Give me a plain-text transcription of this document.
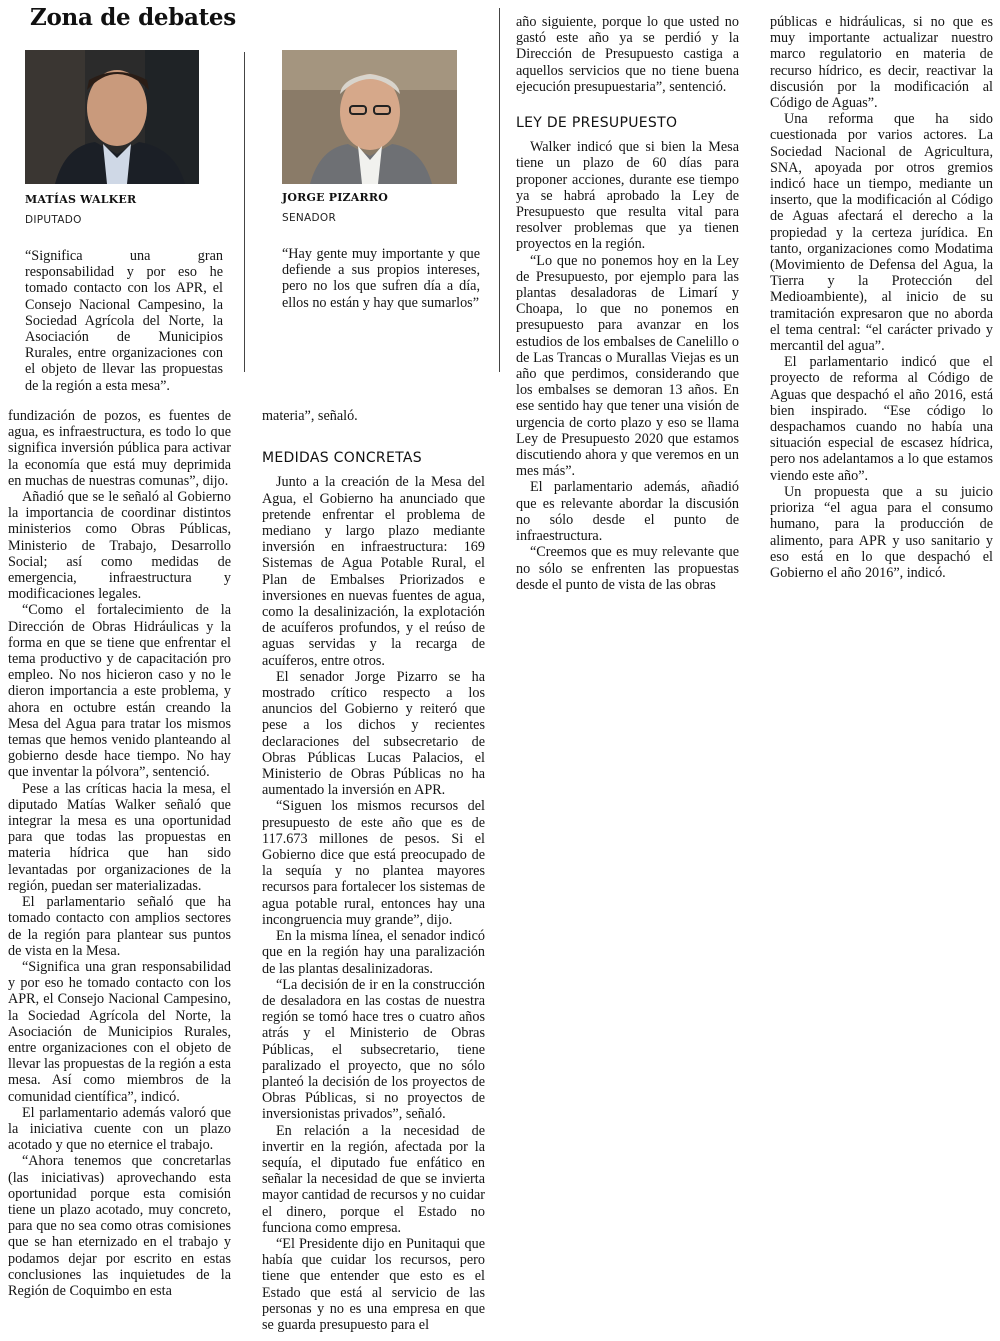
Zona de debates
MATÍAS WALKER
DIPUTADO
“Significa una gran responsabilidad y por eso he tomado contacto con los APR, el Consejo Nacional Campesino, la Sociedad Agrícola del Norte, la Asociación de Municipios Rurales, entre organizaciones con el objeto de llevar las propuestas de la región a esta mesa”.
JORGE PIZARRO
SENADOR
“Hay gente muy importante y que defiende a sus propios intereses, pero no los que sufren día a día, ellos no están y hay que sumarlos”

fundización de pozos, es fuentes de agua, es infraestructura, es todo lo que significa inversión pública para activar la economía que está muy deprimida en muchas de nuestras comunas”, dijo.

Añadió que se le señaló al Gobierno la importancia de coordinar distintos ministerios como Obras Públicas, Ministerio de Trabajo, Desarrollo Social; así como medidas de emergencia, infraestructura y modificaciones legales.

“Como el fortalecimiento de la Dirección de Obras Hidráulicas y la forma en que se tiene que enfrentar el tema productivo y de capacitación pro empleo. No nos hicieron caso y no le dieron importancia a este problema, y ahora en octubre están creando la Mesa del Agua para tratar los mismos temas que hemos venido planteando al gobierno desde hace tiempo. No hay que inventar la pólvora”, sentenció.

Pese a las críticas hacia la mesa, el diputado Matías Walker señaló que integrar la mesa es una oportunidad para que todas las propuestas en materia hídrica que han sido levantadas por organizaciones de la región, puedan ser materializadas.

El parlamentario señaló que ha tomado contacto con amplios sectores de la región para plantear sus puntos de vista en la Mesa.

“Significa una gran responsabilidad y por eso he tomado contacto con los APR, el Consejo Nacional Campesino, la Sociedad Agrícola del Norte, la Asociación de Municipios Rurales, entre organizaciones con el objeto de llevar las propuestas de la región a esta mesa. Así como miembros de la comunidad científica”, indicó.

El parlamentario además valoró que la iniciativa cuente con un plazo acotado y que no eternice el trabajo.

“Ahora tenemos que concretarlas (las iniciativas) aprovechando esta oportunidad porque esta comisión tiene un plazo acotado, muy concreto, para que no sea como otras comisiones que se han eternizado en el trabajo y podamos dejar por escrito en estas conclusiones las inquietudes de la Región de Coquimbo en esta

materia”, señaló.

MEDIDAS CONCRETAS

Junto a la creación de la Mesa del Agua, el Gobierno ha anunciado que pretende enfrentar el problema de mediano y largo plazo mediante inversión en infraestructura: 169 Sistemas de Agua Potable Rural, el Plan de Embalses Priorizados e inversiones en nuevas fuentes de agua, como la desalinización, la explotación de acuíferos profundos, y el reúso de aguas servidas y la recarga de acuíferos, entre otros.

El senador Jorge Pizarro se ha mostrado crítico respecto a los anuncios del Gobierno y reiteró que pese a los dichos y recientes declaraciones del subsecretario de Obras Públicas Lucas Palacios, el Ministerio de Obras Públicas no ha aumentado la inversión en APR.

“Siguen los mismos recursos del presupuesto de este año que es de 117.673 millones de pesos. Si el Gobierno dice que está preocupado de la sequía y no plantea mayores recursos para fortalecer los sistemas de agua potable rural, entonces hay una incongruencia muy grande”, dijo.

En la misma línea, el senador indicó que en la región hay una paralización de las plantas desalinizadoras.

“La decisión de ir en la construcción de desaladora en las costas de nuestra región se tomó hace tres o cuatro años atrás y el Ministerio de Obras Públicas, el subsecretario, tiene paralizado el proyecto, que no sólo planteó la decisión de los proyectos de Obras Públicas, si no proyectos de inversionistas privados”, señaló.

En relación a la necesidad de invertir en la región, afectada por la sequía, el diputado fue enfático en señalar la necesidad de que se invierta mayor cantidad de recursos y no cuidar el dinero, porque el Estado no funciona como empresa.

“El Presidente dijo en Punitaqui que había que cuidar los recursos, pero tiene que entender que esto es el Estado que está al servicio de las personas y no es una empresa en que se guarda presupuesto para el

año siguiente, porque lo que usted no gastó este año ya se perdió y la Dirección de Presupuesto castiga a aquellos servicios que no tiene buena ejecución presupuestaria”, sentenció.

LEY DE PRESUPUESTO

Walker indicó que si bien la Mesa tiene un plazo de 60 días para proponer acciones, durante ese tiempo ya se habrá aprobado la Ley de Presupuesto que resulta vital para resolver problemas que ya tienen proyectos en la región.

“Lo que no ponemos hoy en la Ley de Presupuesto, por ejemplo para las plantas desaladoras de Limarí y Choapa, lo que no ponemos en presupuesto para avanzar en los estudios de los embalses de Canelillo o de Las Trancas o Murallas Viejas es un año que perdimos, considerando que los embalses se demoran 13 años. En ese sentido hay que tener una visión de urgencia de corto plazo y eso se llama Ley de Presupuesto 2020 que estamos discutiendo ahora y que veremos en un mes más”.

El parlamentario además, añadió que es relevante abordar la discusión no sólo desde el punto de infraestructura.

“Creemos que es muy relevante que no sólo se enfrenten las propuestas desde el punto de vista de las obras

públicas e hidráulicas, si no que es muy importante actualizar nuestro marco regulatorio en materia de recurso hídrico, es decir, reactivar la discusión por la modificación al Código de Aguas”.

Una reforma que ha sido cuestionada por varios actores. La Sociedad Nacional de Agricultura, SNA, apoyada por otros gremios indicó hace un tiempo, mediante un inserto, que la modificación al Código de Aguas afectará el derecho a la propiedad y la certeza jurídica. En tanto, organizaciones como Modatima (Movimiento de Defensa del Agua, la Tierra y la Protección del Medioambiente), al inicio de su tramitación expresaron que no aborda el tema central: “el carácter privado y mercantil del agua”.

El parlamentario indicó que el proyecto de reforma al Código de Aguas que despachó el año 2016, está bien inspirado. “Ese código lo despachamos cuando no había una situación especial de escasez hídrica, pero nos adelantamos a lo que estamos viendo este año”.

Un propuesta que a su juicio prioriza “el agua para el consumo humano, para la producción de alimento, para APR y uso sanitario y eso está en lo que despachó el Gobierno el año 2016”, indicó.
